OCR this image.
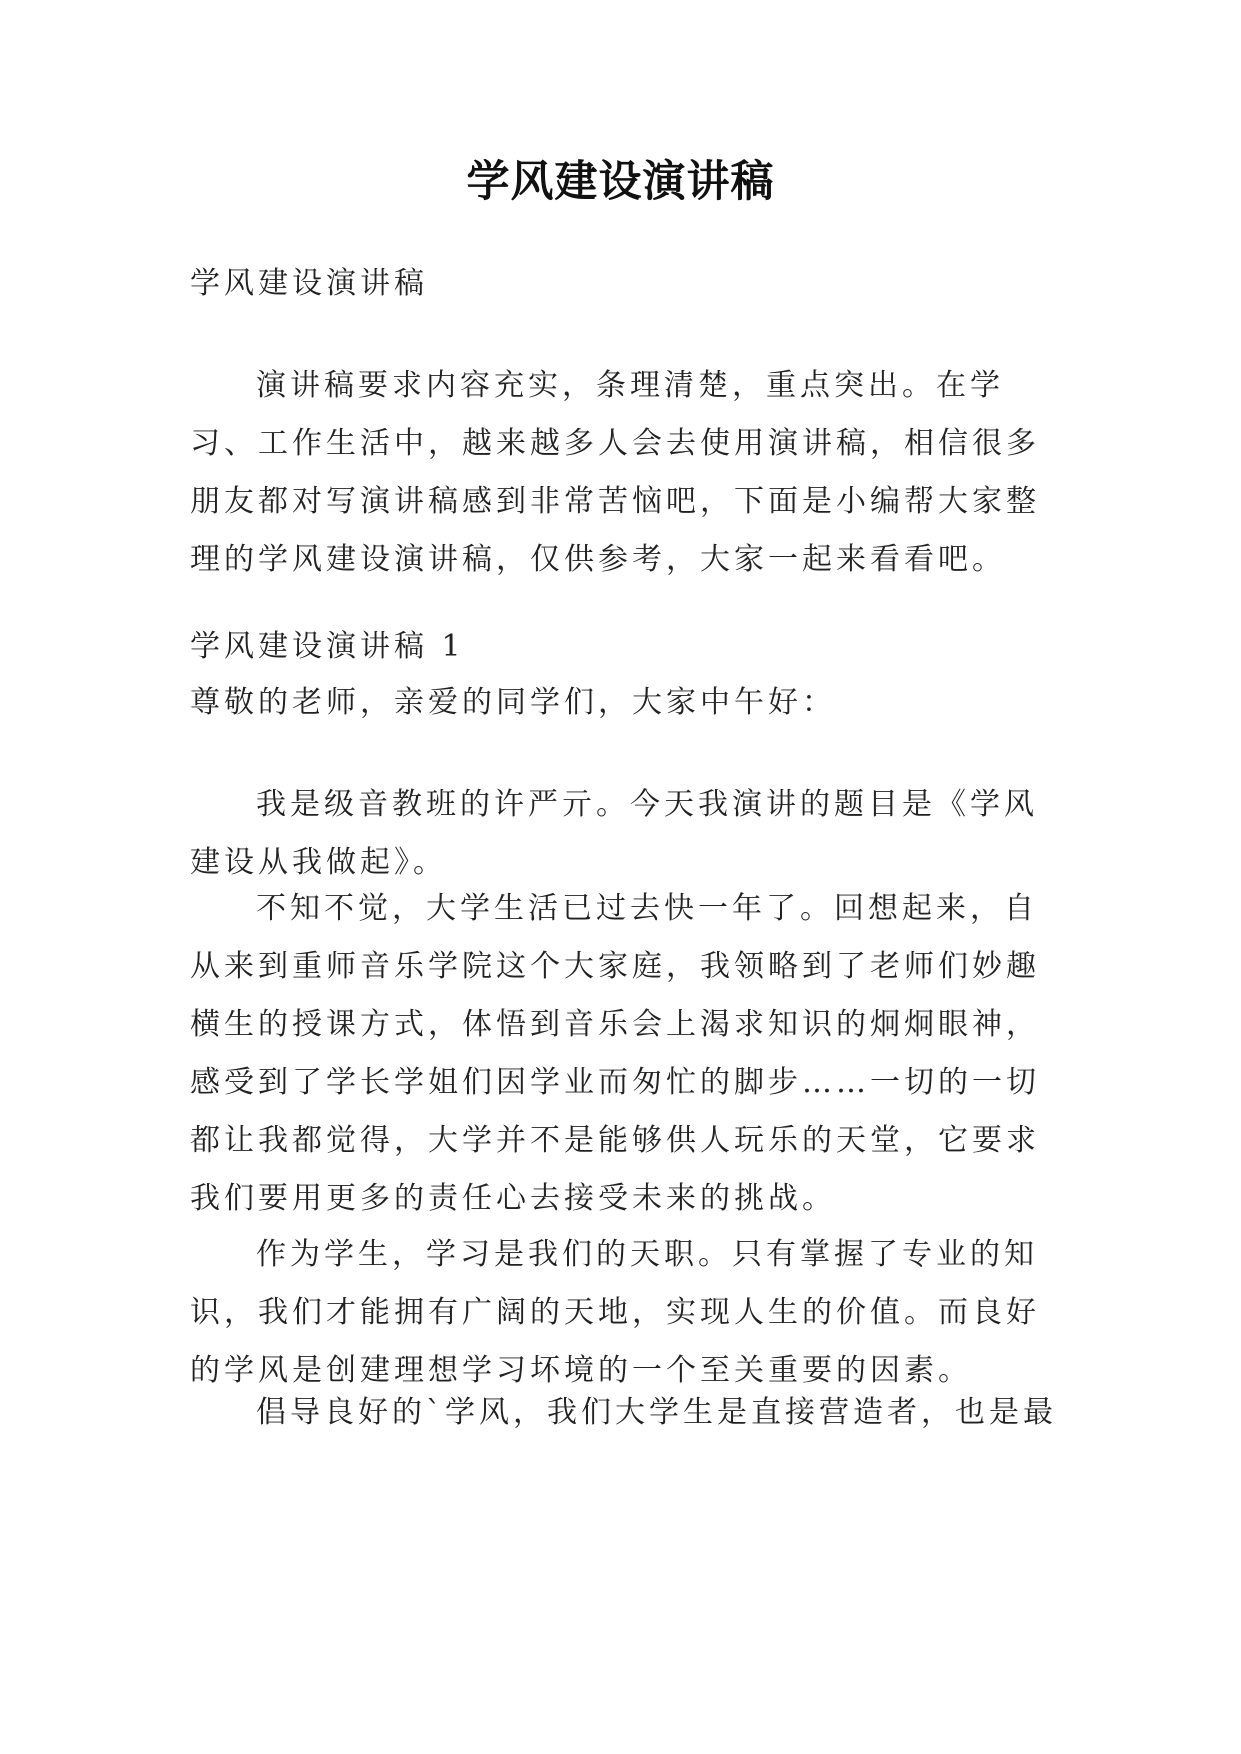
学风建设演讲稿

学风建设演讲稿

演讲稿要求内容充实，条理清楚，重点突出。在学习、工作生活中，越来越多人会去使用演讲稿，相信很多朋友都对写演讲稿感到非常苦恼吧，下面是小编帮大家整理的学风建设演讲稿，仅供参考，大家一起来看看吧。

学风建设演讲稿 1

尊敬的老师，亲爱的同学们，大家中午好：

我是级音教班的许严亓。今天我演讲的题目是《学风建设从我做起》。

不知不觉，大学生活已过去快一年了。回想起来，自从来到重师音乐学院这个大家庭，我领略到了老师们妙趣横生的授课方式，体悟到音乐会上渴求知识的炯炯眼神，感受到了学长学姐们因学业而匆忙的脚步……一切的一切都让我都觉得，大学并不是能够供人玩乐的天堂，它要求我们要用更多的责任心去接受未来的挑战。

作为学生，学习是我们的天职。只有掌握了专业的知识，我们才能拥有广阔的天地，实现人生的价值。而良好的学风是创建理想学习坏境的一个至关重要的因素。

倡导良好的`学风，我们大学生是直接营造者，也是最
